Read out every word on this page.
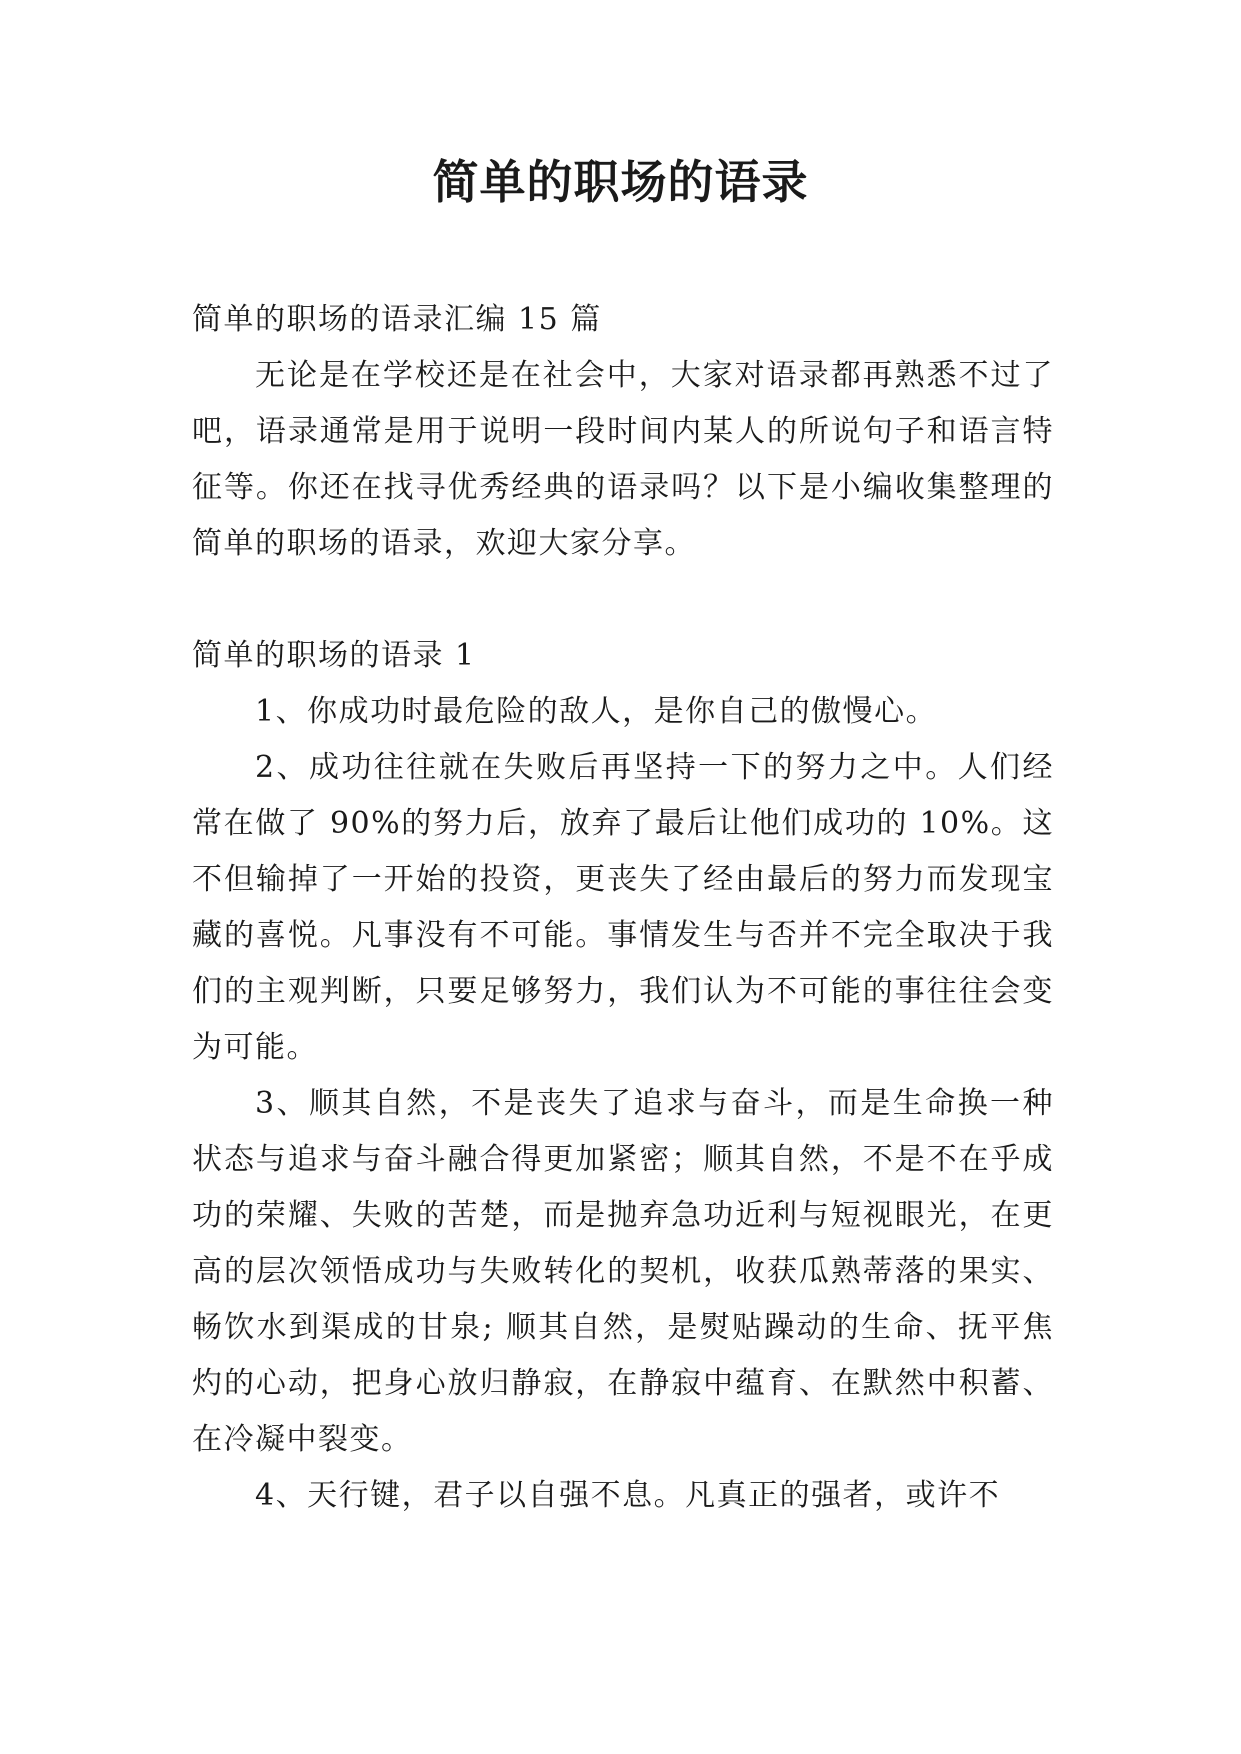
简单的职场的语录

简单的职场的语录汇编 15 篇

无论是在学校还是在社会中，大家对语录都再熟悉不过了吧，语录通常是用于说明一段时间内某人的所说句子和语言特征等。你还在找寻优秀经典的语录吗？以下是小编收集整理的简单的职场的语录，欢迎大家分享。

简单的职场的语录 1

1、你成功时最危险的敌人，是你自己的傲慢心。

2、成功往往就在失败后再坚持一下的努力之中。人们经常在做了 90%的努力后，放弃了最后让他们成功的 10%。这不但输掉了一开始的投资，更丧失了经由最后的努力而发现宝藏的喜悦。凡事没有不可能。事情发生与否并不完全取决于我们的主观判断，只要足够努力，我们认为不可能的事往往会变为可能。

3、顺其自然，不是丧失了追求与奋斗，而是生命换一种状态与追求与奋斗融合得更加紧密；顺其自然，不是不在乎成功的荣耀、失败的苦楚，而是抛弃急功近利与短视眼光，在更高的层次领悟成功与失败转化的契机，收获瓜熟蒂落的果实、畅饮水到渠成的甘泉; 顺其自然，是熨贴躁动的生命、抚平焦灼的心动，把身心放归静寂，在静寂中蕴育、在默然中积蓄、在冷凝中裂变。

4、天行键，君子以自强不息。凡真正的强者，或许不
